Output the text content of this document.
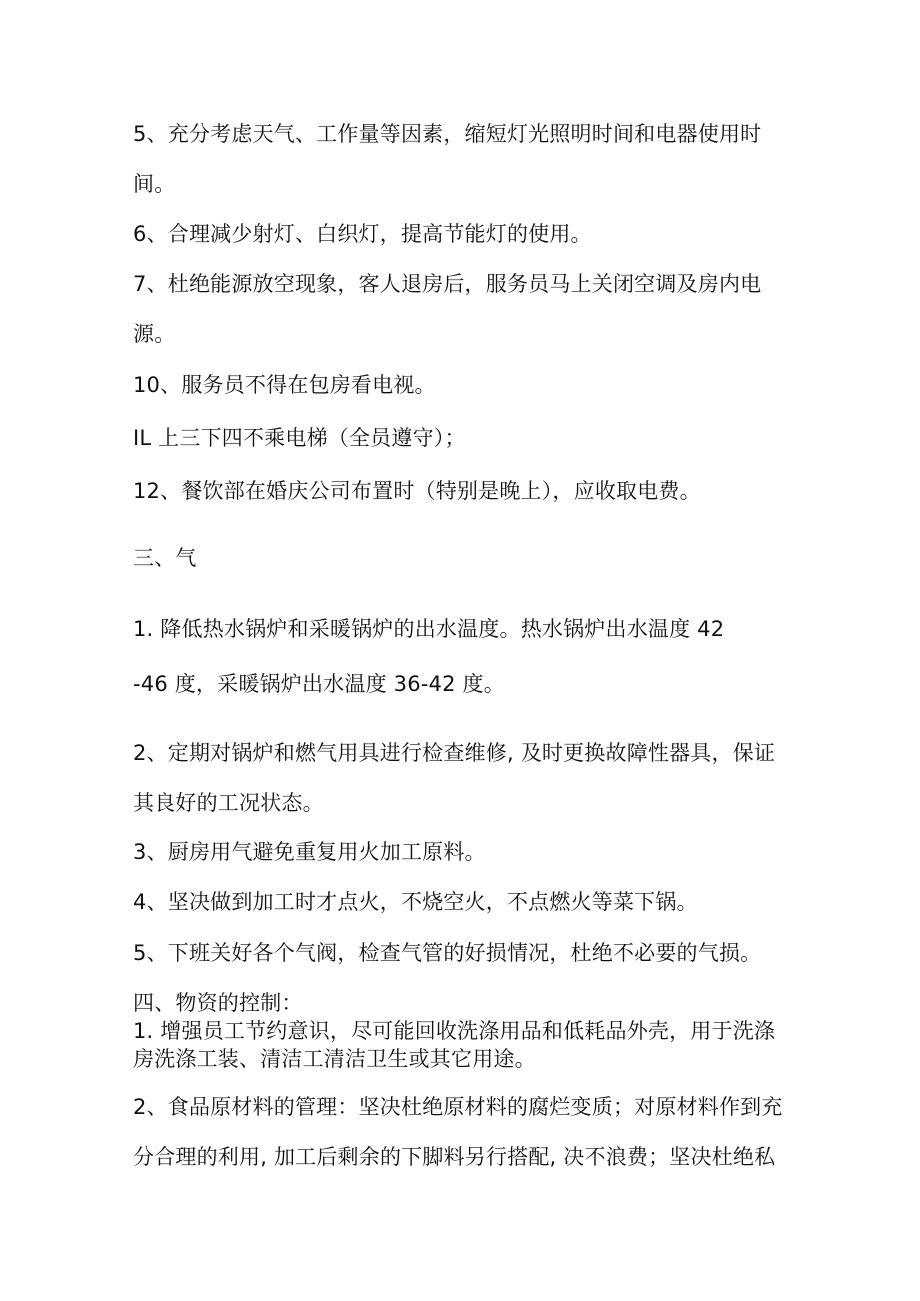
5、充分考虑天气、工作量等因素，缩短灯光照明时间和电器使用时
间。
6、合理减少射灯、白织灯，提高节能灯的使用。
7、杜绝能源放空现象，客人退房后，服务员马上关闭空调及房内电
源。
10、服务员不得在包房看电视。
IL 上三下四不乘电梯（全员遵守）；
12、餐饮部在婚庆公司布置时（特别是晚上），应收取电费。
三、气
1. 降低热水锅炉和采暖锅炉的出水温度。热水锅炉出水温度 42
-46 度，采暖锅炉出水温度 36-42 度。
2、定期对锅炉和燃气用具进行检查维修, 及时更换故障性器具，保证
其良好的工况状态。
3、厨房用气避免重复用火加工原料。
4、坚决做到加工时才点火，不烧空火，不点燃火等菜下锅。
5、下班关好各个气阀，检查气管的好损情况，杜绝不必要的气损。
四、物资的控制：
1. 增强员工节约意识，尽可能回收洗涤用品和低耗品外壳，用于洗涤
房洗涤工装、清洁工清洁卫生或其它用途。
2、食品原材料的管理：坚决杜绝原材料的腐烂变质；对原材料作到充
分合理的利用, 加工后剩余的下脚料另行搭配, 决不浪费；坚决杜绝私
